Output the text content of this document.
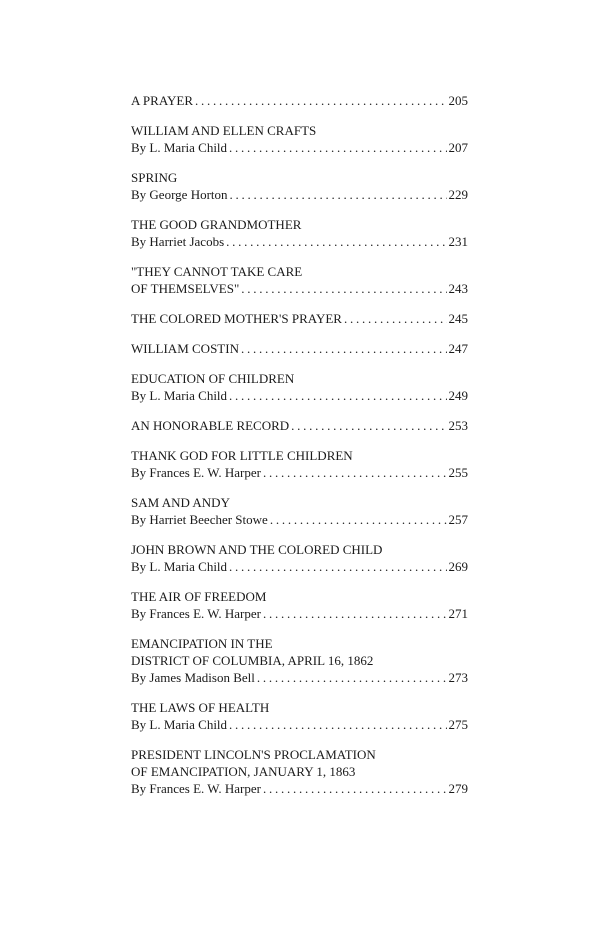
A PRAYER . . .	205
WILLIAM AND ELLEN CRAFTS
By L. Maria Child . . .	207
SPRING
By George Horton . . .	229
THE GOOD GRANDMOTHER
By Harriet Jacobs . . .	231
"THEY CANNOT TAKE CARE
OF THEMSELVES" . . .	243
THE COLORED MOTHER'S PRAYER . . .	245
WILLIAM COSTIN . . .	247
EDUCATION OF CHILDREN
By L. Maria Child . . .	249
AN HONORABLE RECORD . . .	253
THANK GOD FOR LITTLE CHILDREN
By Frances E. W. Harper . . .	255
SAM AND ANDY
By Harriet Beecher Stowe . . .	257
JOHN BROWN AND THE COLORED CHILD
By L. Maria Child . . .	269
THE AIR OF FREEDOM
By Frances E. W. Harper . . .	271
EMANCIPATION IN THE
DISTRICT OF COLUMBIA, APRIL 16, 1862
By James Madison Bell . . .	273
THE LAWS OF HEALTH
By L. Maria Child . . .	275
PRESIDENT LINCOLN'S PROCLAMATION
OF EMANCIPATION, JANUARY 1, 1863
By Frances E. W. Harper . . .	279
